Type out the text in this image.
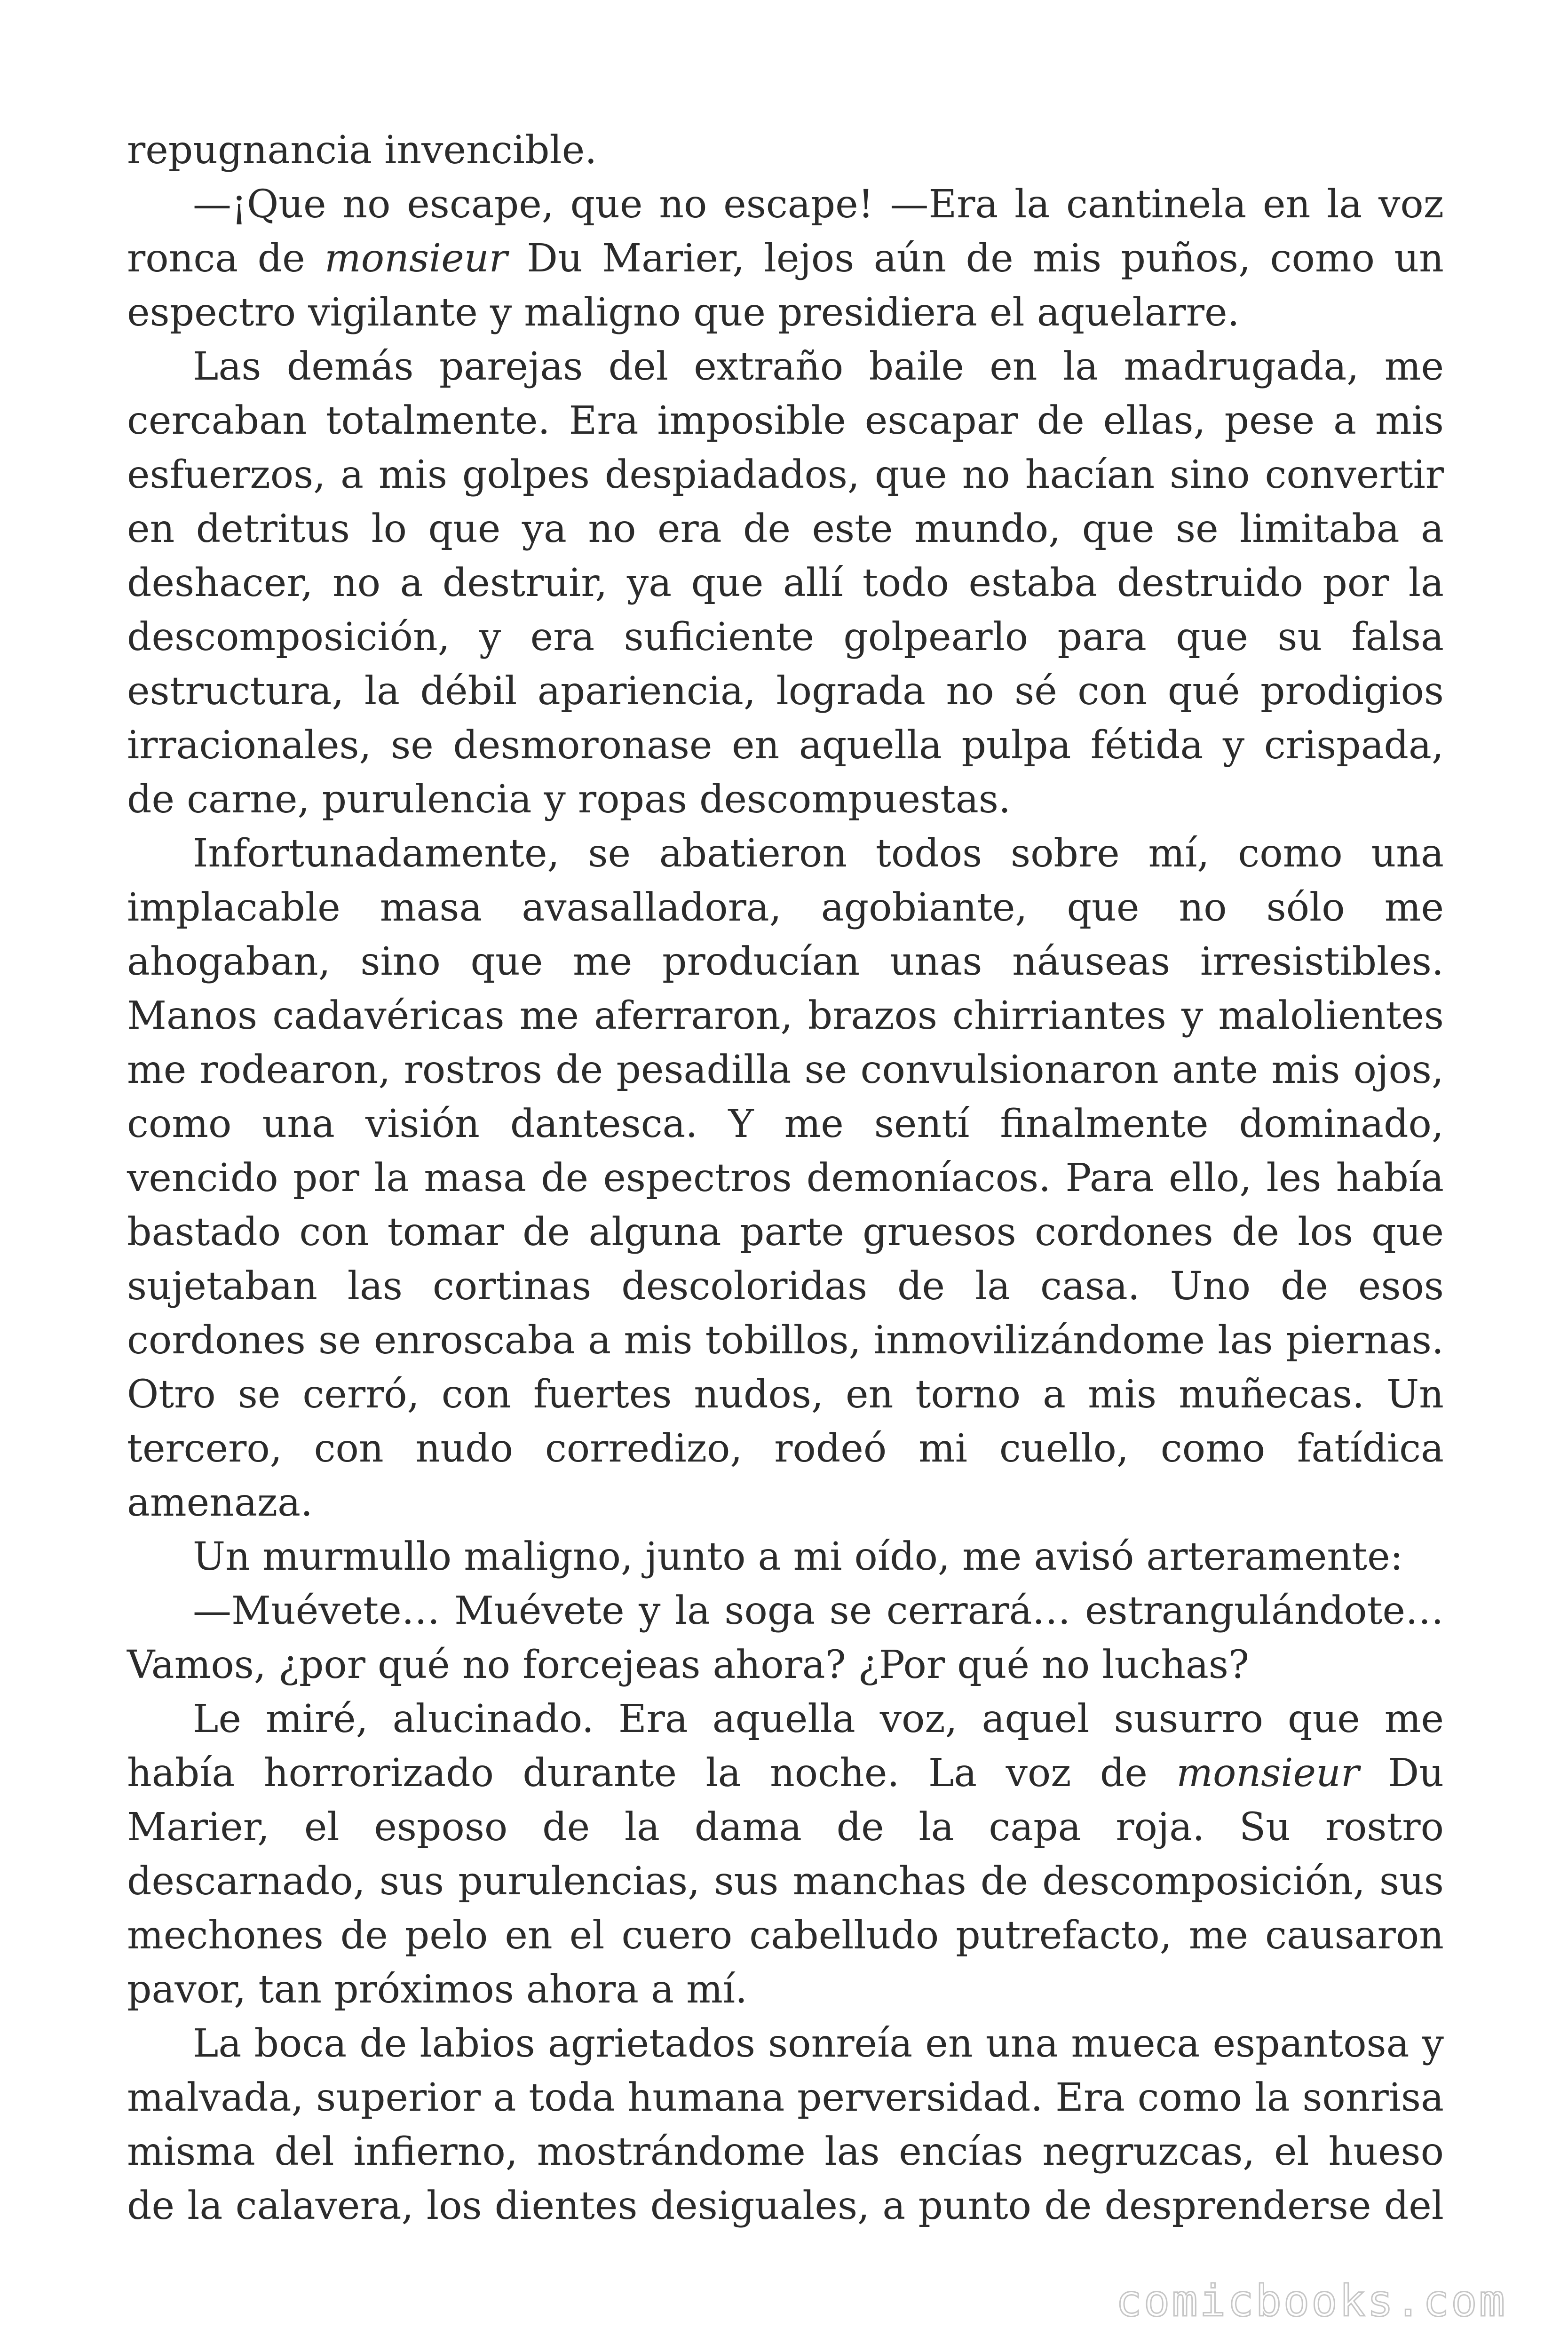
repugnancia invencible.

—¡Que no escape, que no escape! —Era la cantinela en la voz ronca de monsieur Du Marier, lejos aún de mis puños, como un espectro vigilante y maligno que presidiera el aquelarre.

Las demás parejas del extraño baile en la madrugada, me cercaban totalmente. Era imposible escapar de ellas, pese a mis esfuerzos, a mis golpes despiadados, que no hacían sino convertir en detritus lo que ya no era de este mundo, que se limitaba a deshacer, no a destruir, ya que allí todo estaba destruido por la descomposición, y era suficiente golpearlo para que su falsa estructura, la débil apariencia, lograda no sé con qué prodigios irracionales, se desmoronase en aquella pulpa fétida y crispada, de carne, purulencia y ropas descompuestas.

Infortunadamente, se abatieron todos sobre mí, como una implacable masa avasalladora, agobiante, que no sólo me ahogaban, sino que me producían unas náuseas irresistibles. Manos cadavéricas me aferraron, brazos chirriantes y malolientes me rodearon, rostros de pesadilla se convulsionaron ante mis ojos, como una visión dantesca. Y me sentí finalmente dominado, vencido por la masa de espectros demoníacos. Para ello, les había bastado con tomar de alguna parte gruesos cordones de los que sujetaban las cortinas descoloridas de la casa. Uno de esos cordones se enroscaba a mis tobillos, inmovilizándome las piernas. Otro se cerró, con fuertes nudos, en torno a mis muñecas. Un tercero, con nudo corredizo, rodeó mi cuello, como fatídica amenaza.

Un murmullo maligno, junto a mi oído, me avisó arteramente:

—Muévete… Muévete y la soga se cerrará… estrangulándote… Vamos, ¿por qué no forcejeas ahora? ¿Por qué no luchas?

Le miré, alucinado. Era aquella voz, aquel susurro que me había horrorizado durante la noche. La voz de monsieur Du Marier, el esposo de la dama de la capa roja. Su rostro descarnado, sus purulencias, sus manchas de descomposición, sus mechones de pelo en el cuero cabelludo putrefacto, me causaron pavor, tan próximos ahora a mí.

La boca de labios agrietados sonreía en una mueca espantosa y malvada, superior a toda humana perversidad. Era como la sonrisa misma del infierno, mostrándome las encías negruzcas, el hueso de la calavera, los dientes desiguales, a punto de desprenderse del

comicbooks.com
